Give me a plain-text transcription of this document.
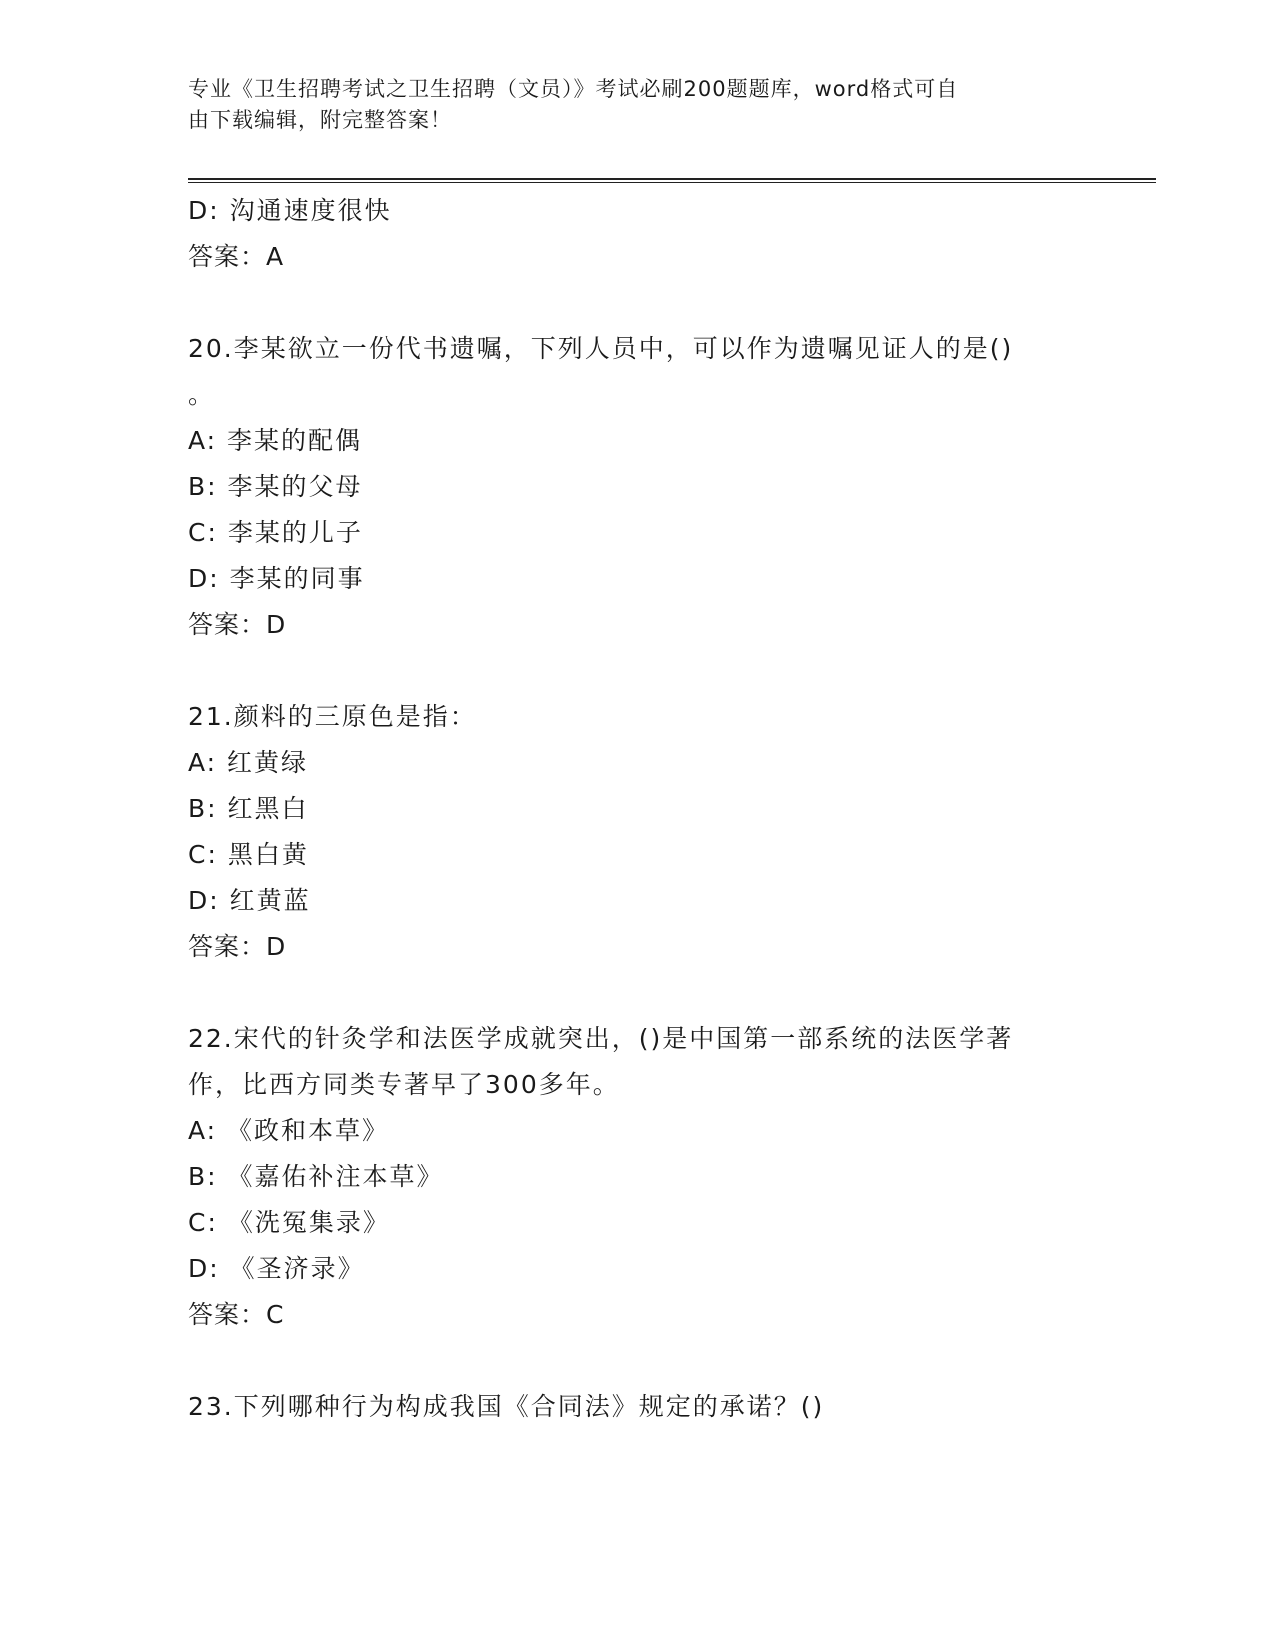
专业《卫生招聘考试之卫生招聘（文员）》考试必刷200题题库，word格式可自
由下载编辑，附完整答案！
D: 沟通速度很快
答案：A
20.李某欲立一份代书遗嘱，下列人员中，可以作为遗嘱见证人的是()
。
A: 李某的配偶
B: 李某的父母
C: 李某的儿子
D: 李某的同事
答案：D
21.颜料的三原色是指：
A: 红黄绿
B: 红黑白
C: 黑白黄
D: 红黄蓝
答案：D
22.宋代的针灸学和法医学成就突出，()是中国第一部系统的法医学著
作，比西方同类专著早了300多年。
A: 《政和本草》
B: 《嘉佑补注本草》
C: 《洗冤集录》
D: 《圣济录》
答案：C
23.下列哪种行为构成我国《合同法》规定的承诺？()
